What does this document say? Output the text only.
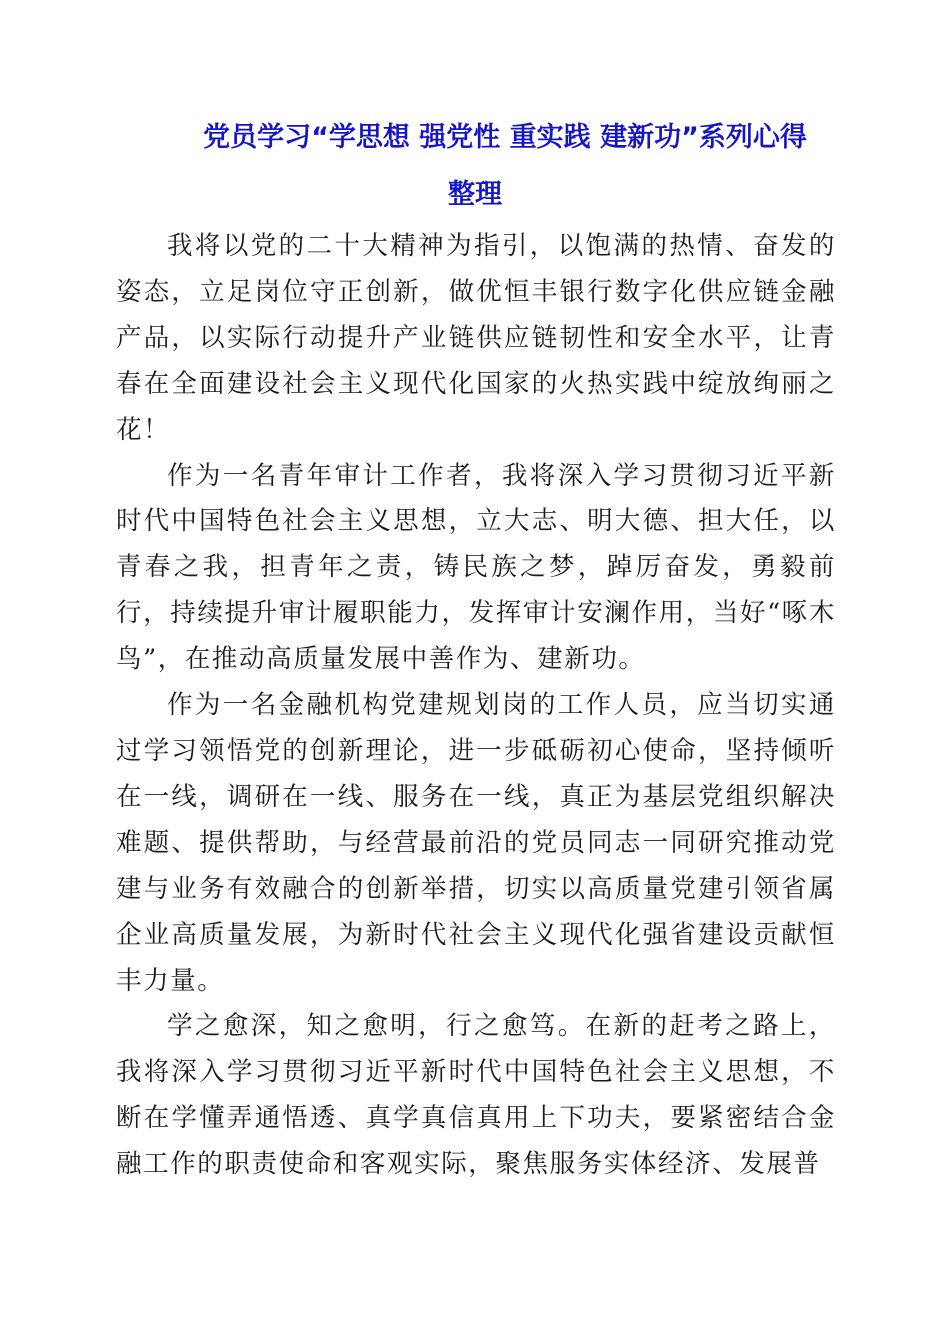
党员学习“学思想 强党性 重实践 建新功”系列心得
整理

我将以党的二十大精神为指引，以饱满的热情、奋发的姿态，立足岗位守正创新，做优恒丰银行数字化供应链金融产品，以实际行动提升产业链供应链韧性和安全水平，让青春在全面建设社会主义现代化国家的火热实践中绽放绚丽之花！

作为一名青年审计工作者，我将深入学习贯彻习近平新时代中国特色社会主义思想，立大志、明大德、担大任，以青春之我，担青年之责，铸民族之梦，踔厉奋发，勇毅前行，持续提升审计履职能力，发挥审计安澜作用，当好“啄木鸟”，在推动高质量发展中善作为、建新功。

作为一名金融机构党建规划岗的工作人员，应当切实通过学习领悟党的创新理论，进一步砥砺初心使命，坚持倾听在一线，调研在一线、服务在一线，真正为基层党组织解决难题、提供帮助，与经营最前沿的党员同志一同研究推动党建与业务有效融合的创新举措，切实以高质量党建引领省属企业高质量发展，为新时代社会主义现代化强省建设贡献恒丰力量。

学之愈深，知之愈明，行之愈笃。在新的赶考之路上，我将深入学习贯彻习近平新时代中国特色社会主义思想，不断在学懂弄通悟透、真学真信真用上下功夫，要紧密结合金融工作的职责使命和客观实际，聚焦服务实体经济、发展普
